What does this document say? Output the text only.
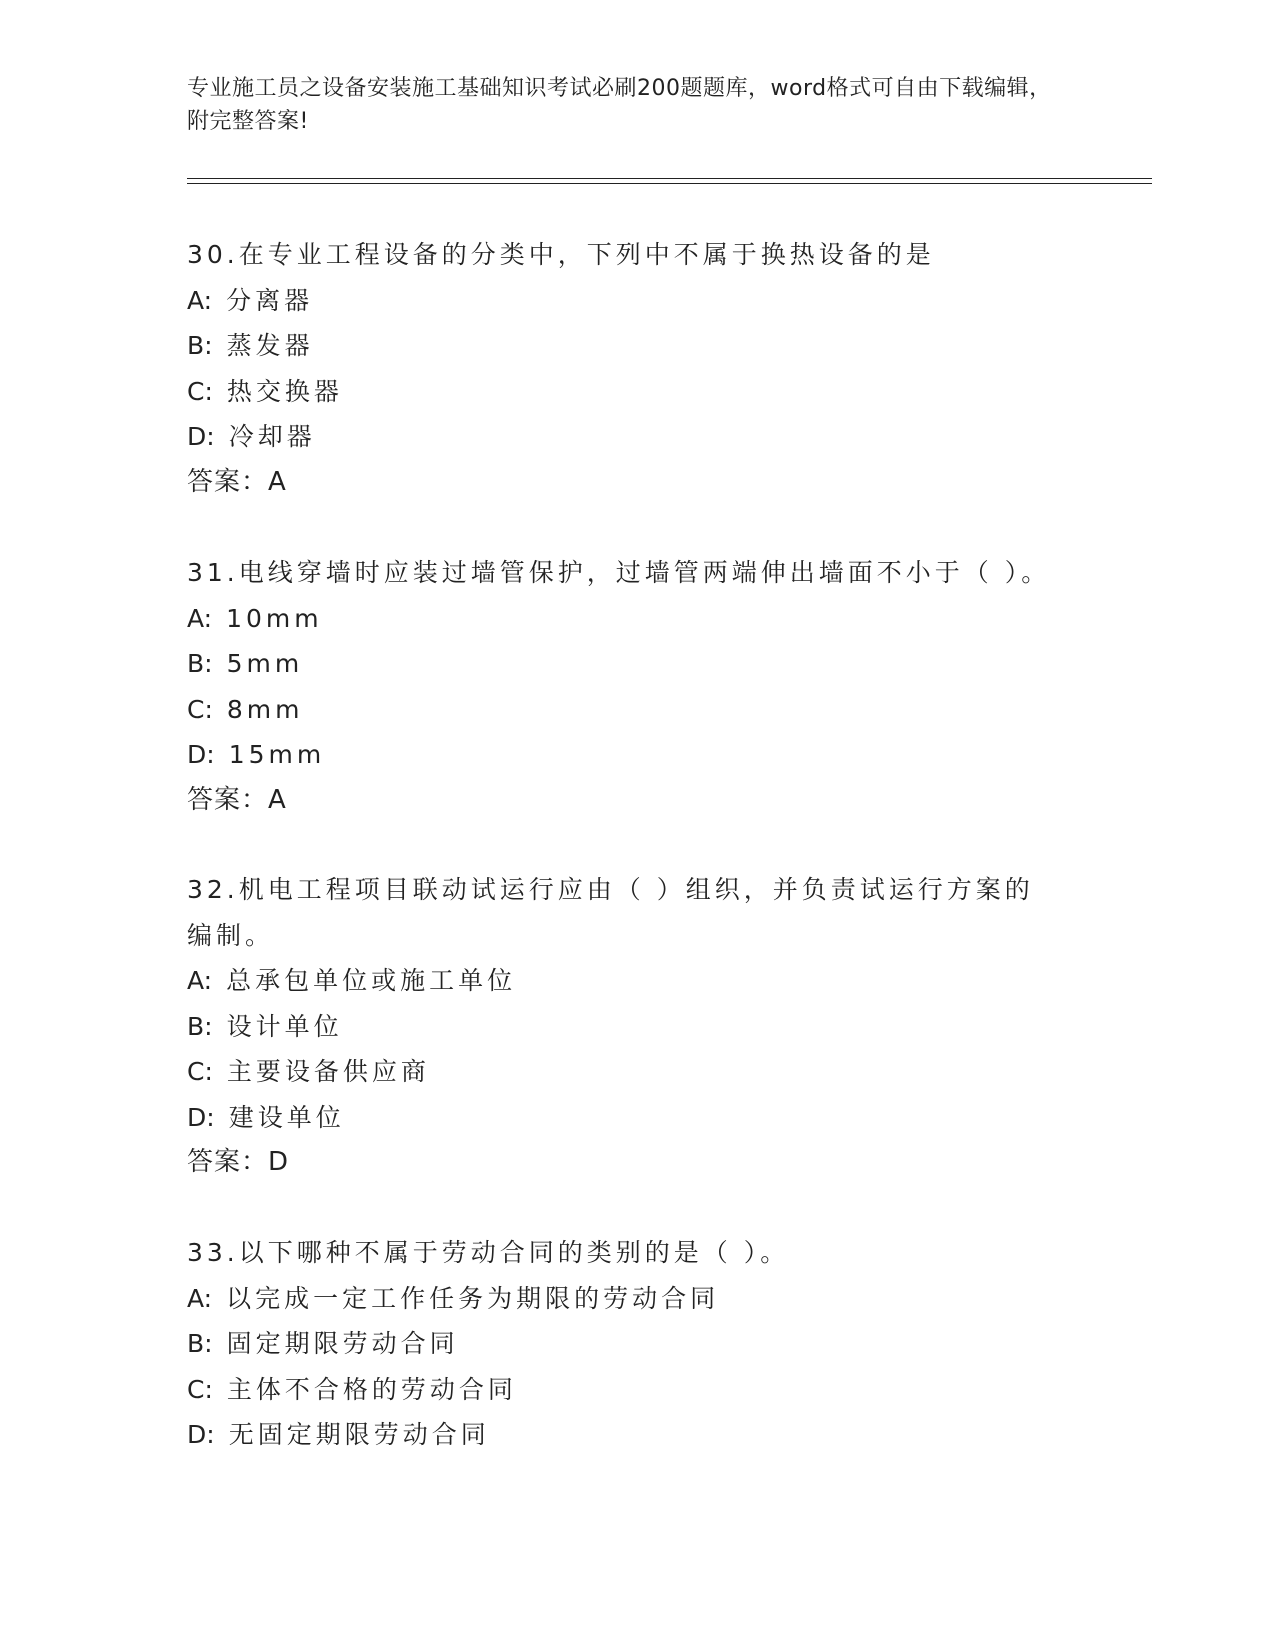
专业施工员之设备安装施工基础知识考试必刷200题题库，word格式可自由下载编辑，附完整答案!
30.在专业工程设备的分类中，下列中不属于换热设备的是
A: 分离器
B: 蒸发器
C: 热交换器
D: 冷却器
答案：A
31.电线穿墙时应装过墙管保护，过墙管两端伸出墙面不小于（ ）。
A: 10mm
B: 5mm
C: 8mm
D: 15mm
答案：A
32.机电工程项目联动试运行应由（ ）组织，并负责试运行方案的编制。
A: 总承包单位或施工单位
B: 设计单位
C: 主要设备供应商
D: 建设单位
答案：D
33.以下哪种不属于劳动合同的类别的是（ ）。
A: 以完成一定工作任务为期限的劳动合同
B: 固定期限劳动合同
C: 主体不合格的劳动合同
D: 无固定期限劳动合同
